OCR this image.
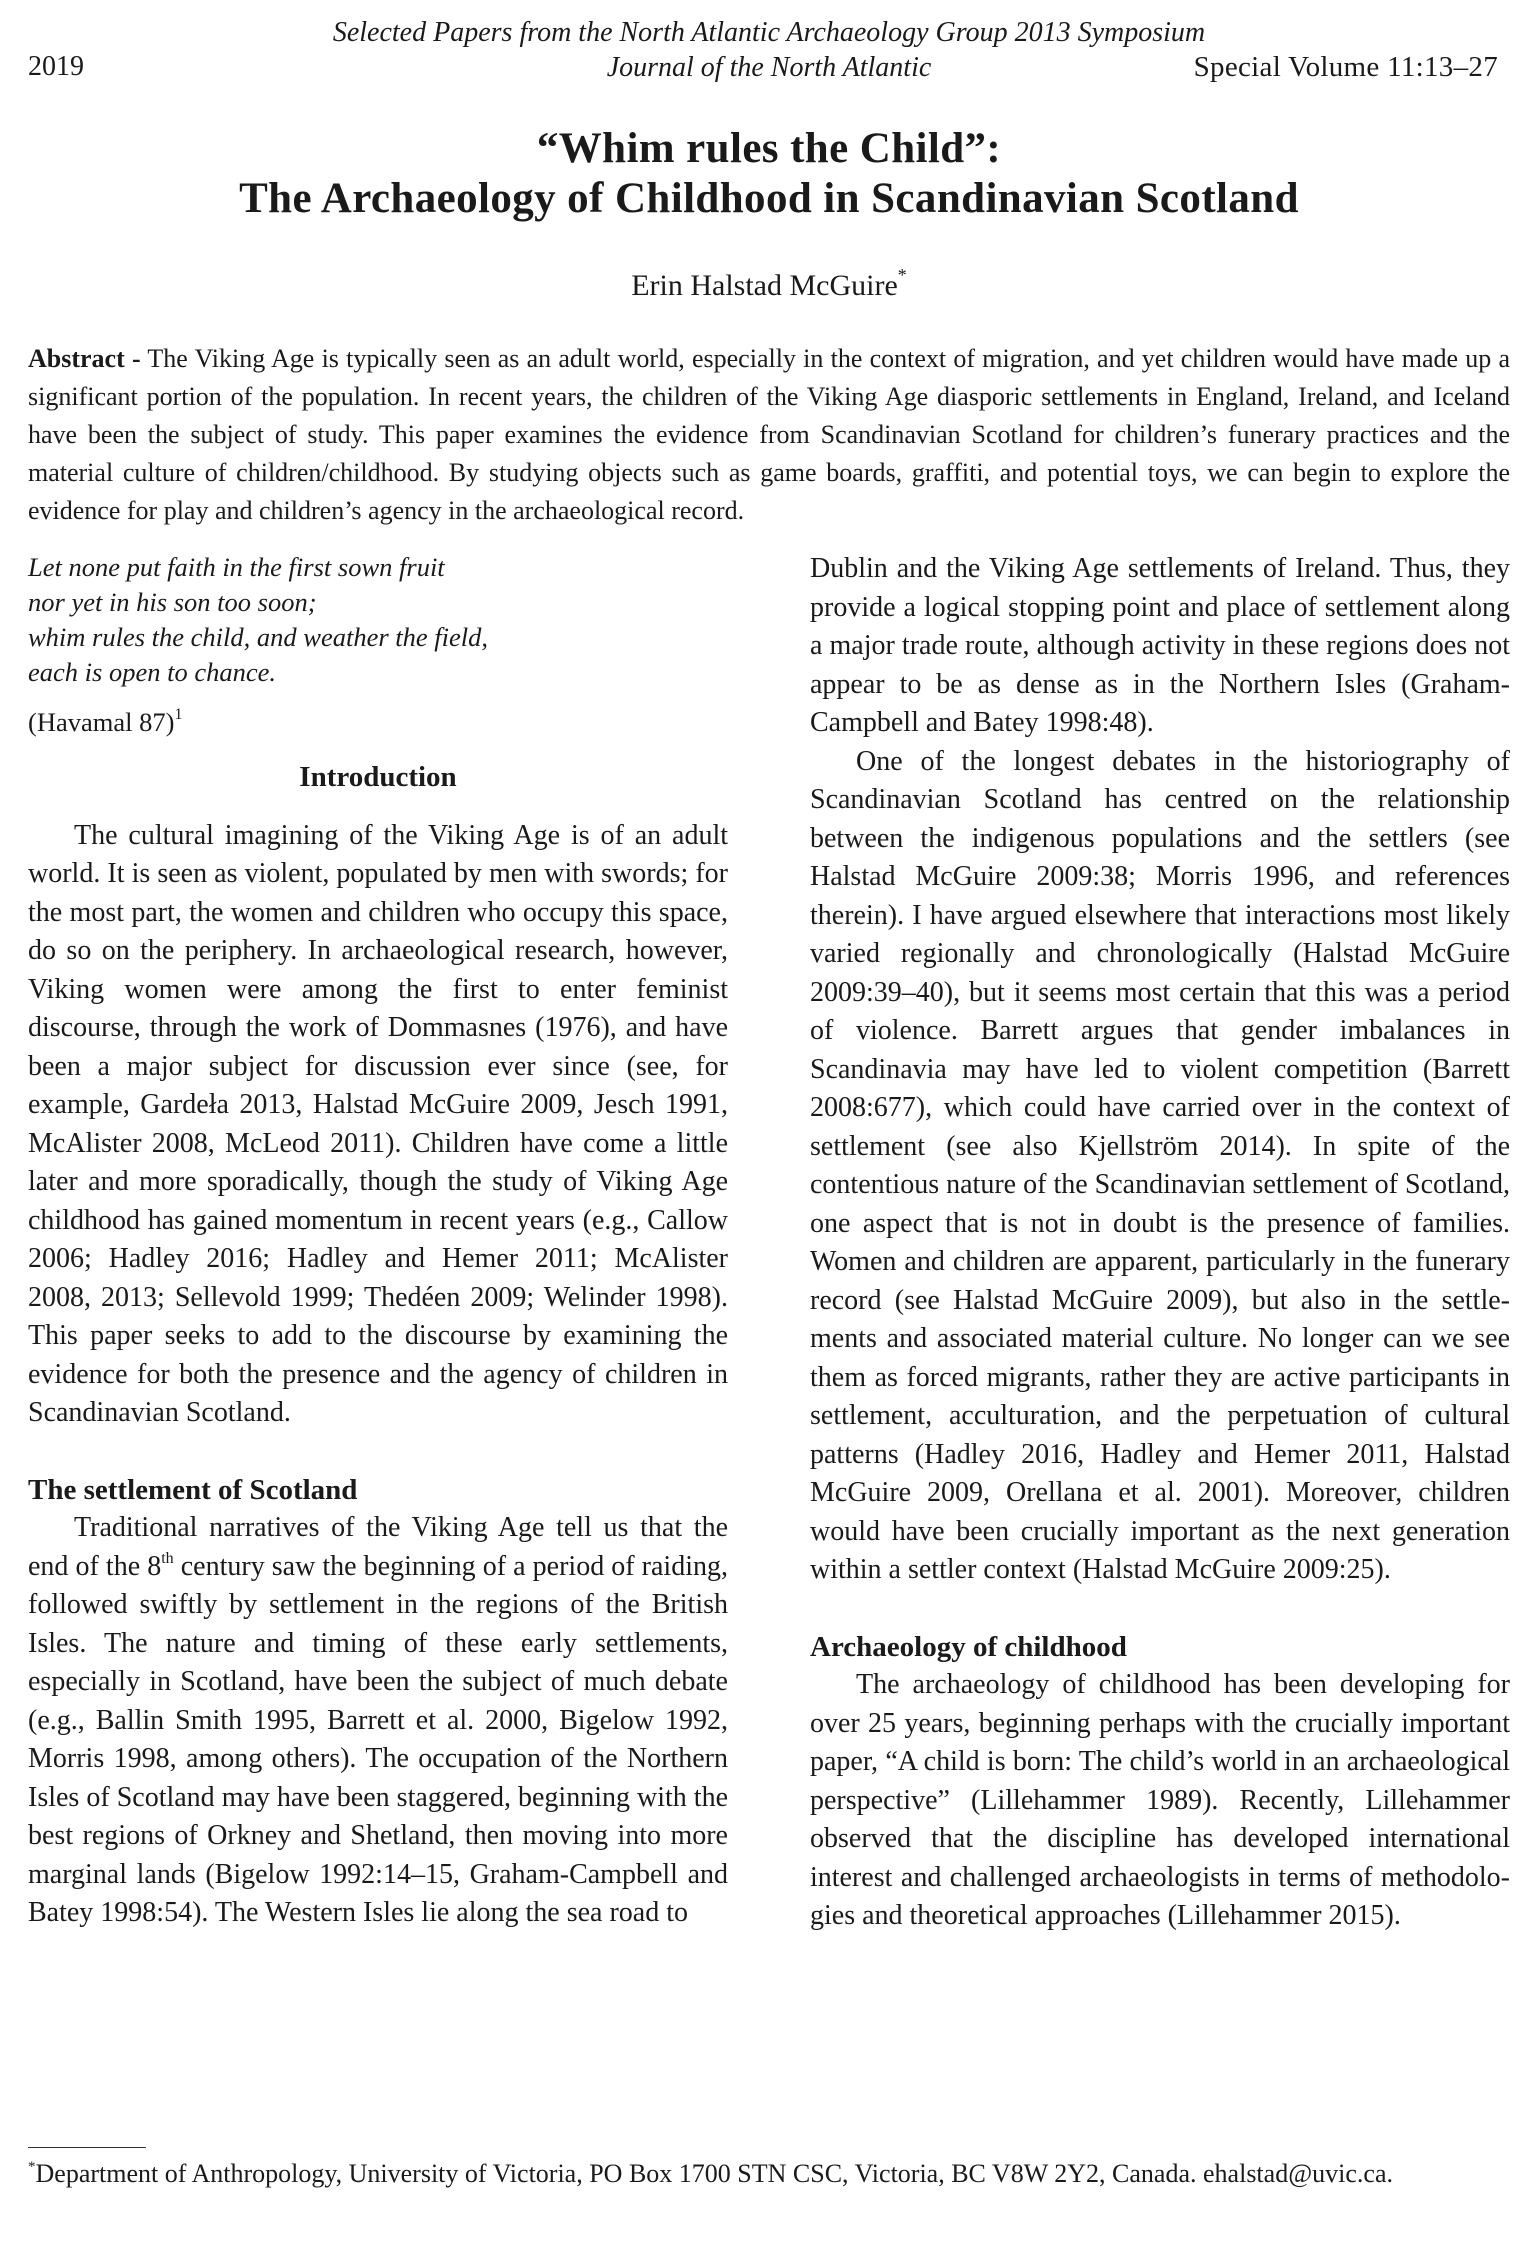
Selected Papers from the North Atlantic Archaeology Group 2013 Symposium
Journal of the North Atlantic
2019	Special Volume 11:13–27
“Whim rules the Child”:
The Archaeology of Childhood in Scandinavian Scotland
Erin Halstad McGuire*
Abstract - The Viking Age is typically seen as an adult world, especially in the context of migration, and yet children would have made up a significant portion of the population. In recent years, the children of the Viking Age diasporic settlements in England, Ireland, and Iceland have been the subject of study. This paper examines the evidence from Scandinavian Scotland for children’s funerary practices and the material culture of children/childhood. By studying objects such as game boards, graffiti, and potential toys, we can begin to explore the evidence for play and children’s agency in the archaeological record.
Let none put faith in the first sown fruit
nor yet in his son too soon;
whim rules the child, and weather the field,
each is open to chance.
(Havamal 87)$^1$
Introduction

The cultural imagining of the Viking Age is of an adult world. It is seen as violent, populated by men with swords; for the most part, the women and children who occupy this space, do so on the periphery. In archaeological research, however, Viking women were among the first to enter feminist discourse, through the work of Dommasnes (1976), and have been a major subject for discussion ever since (see, for example, Gardeła 2013, Halstad McGuire 2009, Jesch 1991, McAlister 2008, McLeod 2011). Children have come a little later and more sporadically, though the study of Viking Age childhood has gained momentum in recent years (e.g., Callow 2006; Hadley 2016; Hadley and Hemer 2011; McAlister 2008, 2013; Sellevold 1999; Thedéen 2009; Welinder 1998). This paper seeks to add to the discourse by examining the evidence for both the presence and the agency of children in Scandinavian Scotland.

The settlement of Scotland

Traditional narratives of the Viking Age tell us that the end of the 8th century saw the beginning of a period of raiding, followed swiftly by settlement in the regions of the British Isles. The nature and timing of these early settlements, especially in Scotland, have been the subject of much debate (e.g., Ballin Smith 1995, Barrett et al. 2000, Bigelow 1992, Morris 1998, among others). The occupation of the Northern Isles of Scotland may have been staggered, beginning with the best regions of Orkney and Shetland, then moving into more marginal lands (Bigelow 1992:14–15, Graham-Campbell and Batey 1998:54). The Western Isles lie along the sea road to

Dublin and the Viking Age settlements of Ireland. Thus, they provide a logical stopping point and place of settlement along a major trade route, although activity in these regions does not appear to be as dense as in the Northern Isles (Graham-Campbell and Batey 1998:48).

One of the longest debates in the historiography of Scandinavian Scotland has centred on the relationship between the indigenous populations and the settlers (see Halstad McGuire 2009:38; Morris 1996, and references therein). I have argued elsewhere that interactions most likely varied regionally and chronologically (Halstad McGuire 2009:39–40), but it seems most certain that this was a period of violence. Barrett argues that gender imbalances in Scandinavia may have led to violent competition (Barrett 2008:677), which could have carried over in the context of settlement (see also Kjellström 2014). In spite of the contentious nature of the Scandinavian settlement of Scotland, one aspect that is not in doubt is the presence of families. Women and children are apparent, particularly in the funerary record (see Halstad McGuire 2009), but also in the settlements and associated material culture. No longer can we see them as forced migrants, rather they are active participants in settlement, acculturation, and the perpetuation of cultural patterns (Hadley 2016, Hadley and Hemer 2011, Halstad McGuire 2009, Orellana et al. 2001). Moreover, children would have been crucially important as the next generation within a settler context (Halstad McGuire 2009:25).

Archaeology of childhood

The archaeology of childhood has been developing for over 25 years, beginning perhaps with the crucially important paper, “A child is born: The child’s world in an archaeological perspective” (Lillehammer 1989). Recently, Lillehammer observed that the discipline has developed international interest and challenged archaeologists in terms of methodologies and theoretical approaches (Lillehammer 2015).

*Department of Anthropology, University of Victoria, PO Box 1700 STN CSC, Victoria, BC V8W 2Y2, Canada. ehalstad@uvic.ca.
